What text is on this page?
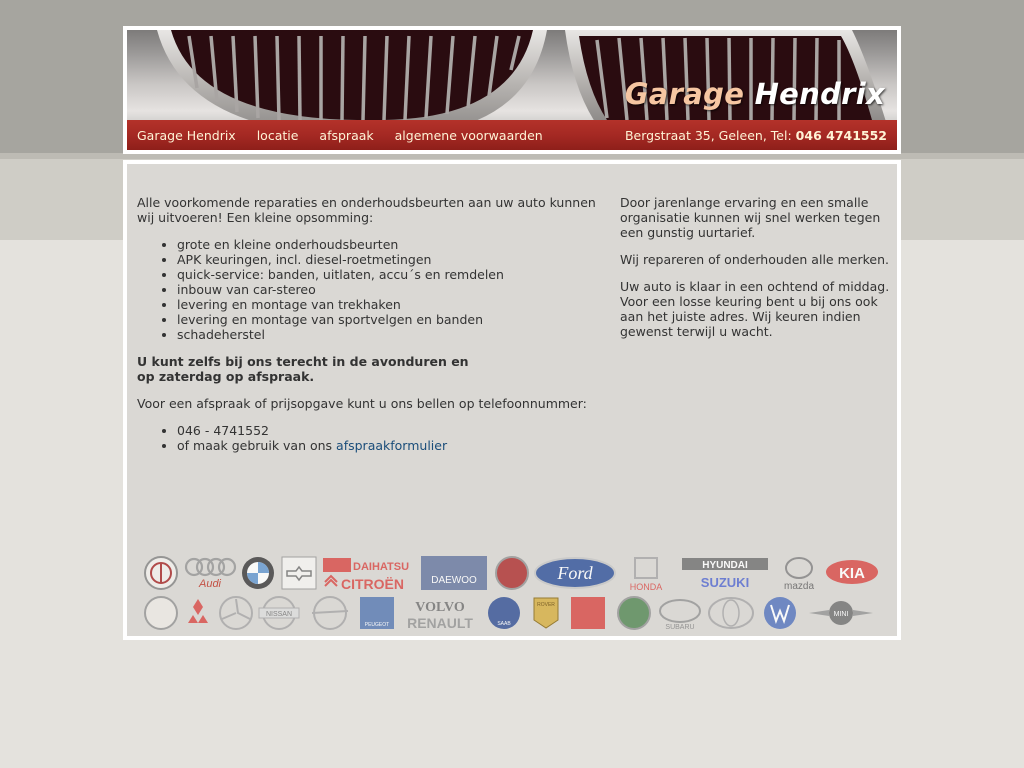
Garage Hendrix
Garage Hendrix locatie afspraak algemene voorwaarden	Bergstraat 35, Geleen, Tel: 046 4741552

Alle voorkomende reparaties en onderhoudsbeurten aan uw auto kunnen wij uitvoeren! Een kleine opsomming:

• grote en kleine onderhoudsbeurten
• APK keuringen, incl. diesel-roetmetingen
• quick-service: banden, uitlaten, accu´s en remdelen
• inbouw van car-stereo
• levering en montage van trekhaken
• levering en montage van sportvelgen en banden
• schadeherstel

U kunt zelfs bij ons terecht in de avonduren en
op zaterdag op afspraak.

Voor een afspraak of prijsopgave kunt u ons bellen op telefoonnummer:

• 046 - 4741552
• of maak gebruik van ons afspraakformulier

Door jarenlange ervaring en een smalle organisatie kunnen wij snel werken tegen een gunstig uurtarief.

Wij repareren of onderhouden alle merken.

Uw auto is klaar in een ochtend of middag. Voor een losse keuring bent u bij ons ook aan het juiste adres. Wij keuren indien gewenst terwijl u wacht.

Audi
DAIHATSU
CITROËN	DAEWOO	Ford
HONDA
HYUNDAI
SUZUKI	mazda
KIA
NISSAN
PEUGEOT
VOLVO
RENAULT	SAAB
ROVER
SUBARU
MINI
